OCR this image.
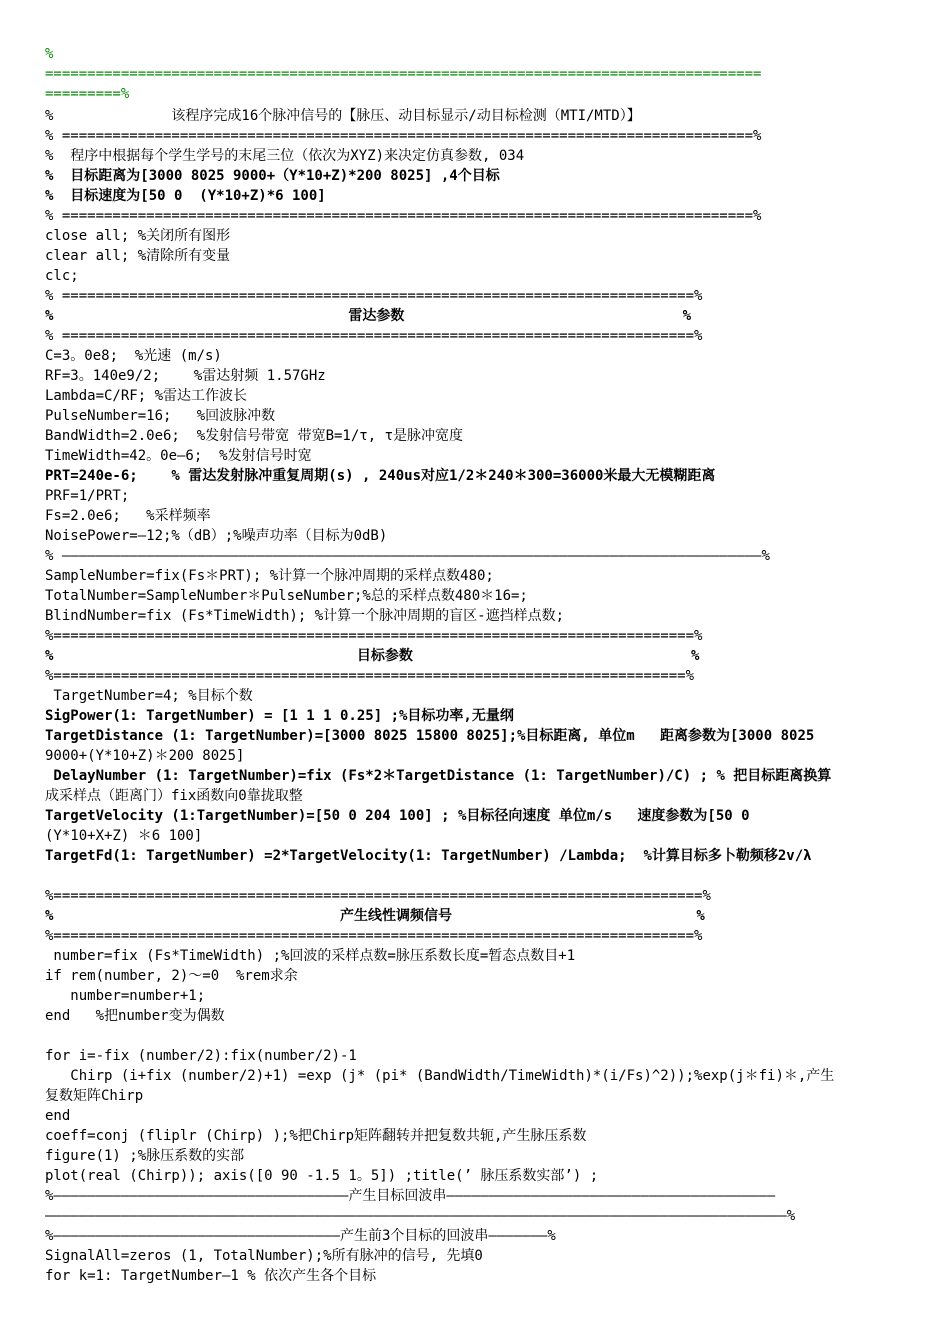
%
=====================================================================================
=========%
%              该程序完成16个脉冲信号的【脉压、动目标显示/动目标检测（MTI/MTD）】
% ==================================================================================%
%  程序中根据每个学生学号的末尾三位（依次为XYZ)来决定仿真参数, 034
%  目标距离为[3000 8025 9000+（Y*10+Z)*200 8025] ,4个目标
%  目标速度为[50 0  (Y*10+Z)*6 100]
% ==================================================================================%
close all; %关闭所有图形
clear all; %清除所有变量
clc;
% ===========================================================================%
%                                   雷达参数                                 %
% ===========================================================================%
C=3。0e8;  %光速 (m/s)
RF=3。140e9/2;    %雷达射频 1.57GHz
Lambda=C/RF; %雷达工作波长
PulseNumber=16;   %回波脉冲数
BandWidth=2.0e6;  %发射信号带宽 带宽B=1/τ, τ是脉冲宽度
TimeWidth=42。0e—6;  %发射信号时宽
PRT=240e-6;    % 雷达发射脉冲重复周期(s) , 240us对应1/2＊240＊300=36000米最大无模糊距离
PRF=1/PRT;
Fs=2.0e6;   %采样频率
NoisePower=—12;%（dB）;%噪声功率（目标为0dB)
% ———————————————————————————————————————————————————————————————————————————————————%
SampleNumber=fix(Fs＊PRT); %计算一个脉冲周期的采样点数480;
TotalNumber=SampleNumber＊PulseNumber;%总的采样点数480＊16=;
BlindNumber=fix (Fs*TimeWidth); %计算一个脉冲周期的盲区-遮挡样点数;
%============================================================================%
%                                    目标参数                                 %
%===========================================================================%
TargetNumber=4; %目标个数
SigPower(1: TargetNumber) = [1 1 1 0.25] ;%目标功率,无量纲
TargetDistance (1: TargetNumber)=[3000 8025 15800 8025];%目标距离, 单位m   距离参数为[3000 8025
9000+(Y*10+Z)＊200 8025]
DelayNumber (1: TargetNumber)=fix (Fs*2＊TargetDistance (1: TargetNumber)/C) ; % 把目标距离换算
成采样点（距离门）fix函数向0靠拢取整
TargetVelocity (1:TargetNumber)=[50 0 204 100] ; %目标径向速度 单位m/s   速度参数为[50 0
(Y*10+X+Z) ＊6 100]
TargetFd(1: TargetNumber) =2*TargetVelocity(1: TargetNumber) /Lambda;  %计算目标多卜勒频移2v/λ
%=============================================================================%
%                                  产生线性调频信号                             %
%============================================================================%
number=fix (Fs*TimeWidth) ;%回波的采样点数=脉压系数长度=暂态点数目+1
if rem(number, 2)～=0  %rem求余
number=number+1;
end   %把number变为偶数
for i=-fix (number/2):fix(number/2)-1
Chirp (i+fix (number/2)+1) =exp (j* (pi* (BandWidth/TimeWidth)*(i/Fs)^2));%exp(j＊fi)＊,产生
复数矩阵Chirp
end
coeff=conj (fliplr (Chirp) );%把Chirp矩阵翻转并把复数共轭,产生脉压系数
figure(1) ;%脉压系数的实部
plot(real (Chirp)); axis([0 90 -1.5 1。5]) ;title(’ 脉压系数实部’) ;
%———————————————————————————————————产生目标回波串———————————————————————————————————————
————————————————————————————————————————————————————————————————————————————————————————%
%——————————————————————————————————产生前3个目标的回波串———————%
SignalAll=zeros (1, TotalNumber);%所有脉冲的信号, 先填0
for k=1: TargetNumber—1 % 依次产生各个目标
